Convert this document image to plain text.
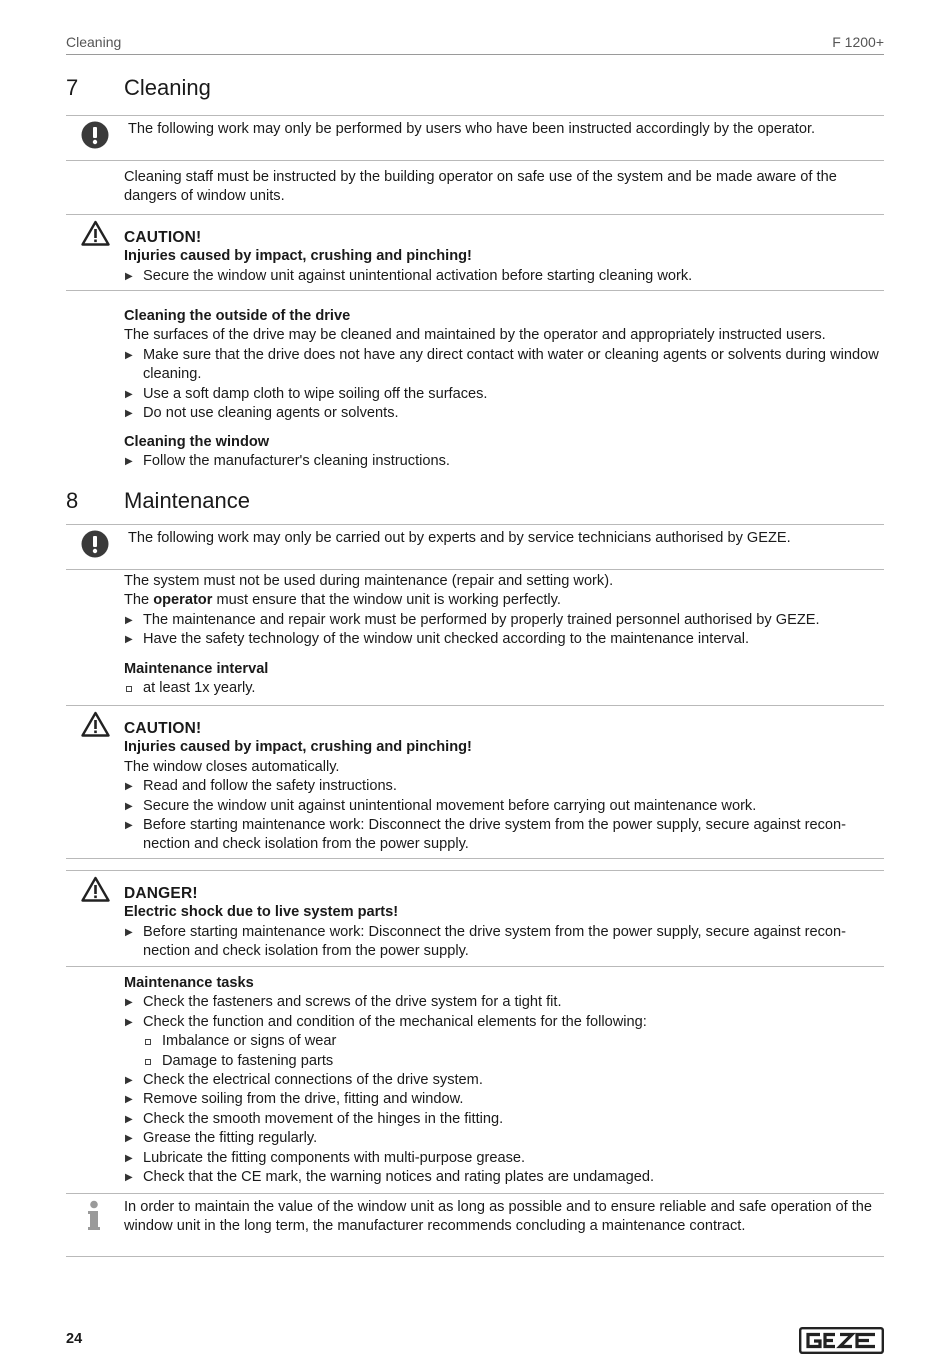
Cleaning	F 1200+
7 Cleaning
The following work may only be performed by users who have been instructed accordingly by the operator.
Cleaning staff must be instructed by the building operator on safe use of the system and be made aware of the dangers of window units.

CAUTION!

Injuries caused by impact, crushing and pinching!

▶ Secure the window unit against unintentional activation before starting cleaning work.

Cleaning the outside of the drive

The surfaces of the drive may be cleaned and maintained by the operator and appropriately instructed users.

▶ Make sure that the drive does not have any direct contact with water or cleaning agents or solvents during window cleaning.
▶ Use a soft damp cloth to wipe soiling off the surfaces.
▶ Do not use cleaning agents or solvents.

Cleaning the window

▶ Follow the manufacturer's cleaning instructions.
8 Maintenance
The following work may only be carried out by experts and by service technicians authorised by GEZE.

The system must not be used during maintenance (repair and setting work).

The operator must ensure that the window unit is working perfectly.

▶ The maintenance and repair work must be performed by properly trained personnel authorised by GEZE.
▶ Have the safety technology of the window unit checked according to the maintenance interval.

Maintenance interval

at least 1x yearly.

CAUTION!

Injuries caused by impact, crushing and pinching!

The window closes automatically.

▶ Read and follow the safety instructions.
▶ Secure the window unit against unintentional movement before carrying out maintenance work.
▶ Before starting maintenance work: Disconnect the drive system from the power supply, secure against recon-nection and check isolation from the power supply.

DANGER!

Electric shock due to live system parts!

▶ Before starting maintenance work: Disconnect the drive system from the power supply, secure against recon-nection and check isolation from the power supply.

Maintenance tasks

▶ Check the fasteners and screws of the drive system for a tight fit.
▶ Check the function and condition of the mechanical elements for the following:
Imbalance or signs of wear
Damage to fastening parts
▶ Check the electrical connections of the drive system.
▶ Remove soiling from the drive, fitting and window.
▶ Check the smooth movement of the hinges in the fitting.
▶ Grease the fitting regularly.
▶ Lubricate the fitting components with multi-purpose grease.
▶ Check that the CE mark, the warning notices and rating plates are undamaged.
In order to maintain the value of the window unit as long as possible and to ensure reliable and safe operation of the window unit in the long term, the manufacturer recommends concluding a maintenance contract.
24
